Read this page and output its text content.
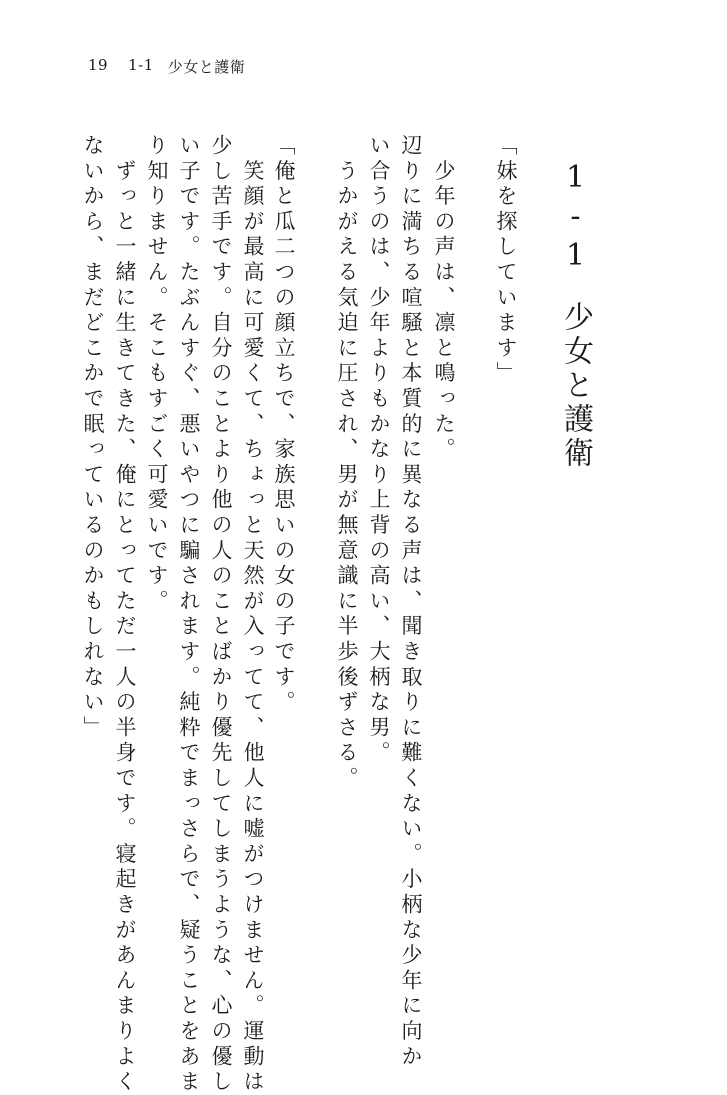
19 1-1 少女と護衛
1-1少女と護衛
「妹を探しています」
　少年の声は、凛と鳴った。
辺りに満ちる喧騒と本質的に異なる声は、聞き取りに難くない。小柄な少年に向か
い合うのは、少年よりもかなり上背の高い、大柄な男。
　うかがえる気迫に圧され、男が無意識に半歩後ずさる。
「俺と瓜二つの顔立ちで、家族思いの女の子です。
　笑顔が最高に可愛くて、ちょっと天然が入ってて、他人に嘘がつけません。運動は
少し苦手です。自分のことより他の人のことばかり優先してしまうような、心の優し
い子です。たぶんすぐ、悪いやつに騙されます。純粋でまっさらで、疑うことをあま
り知りません。そこもすごく可愛いです。
　ずっと一緒に生きてきた、俺にとってただ一人の半身です。寝起きがあんまりよく
ないから、まだどこかで眠っているのかもしれない」
